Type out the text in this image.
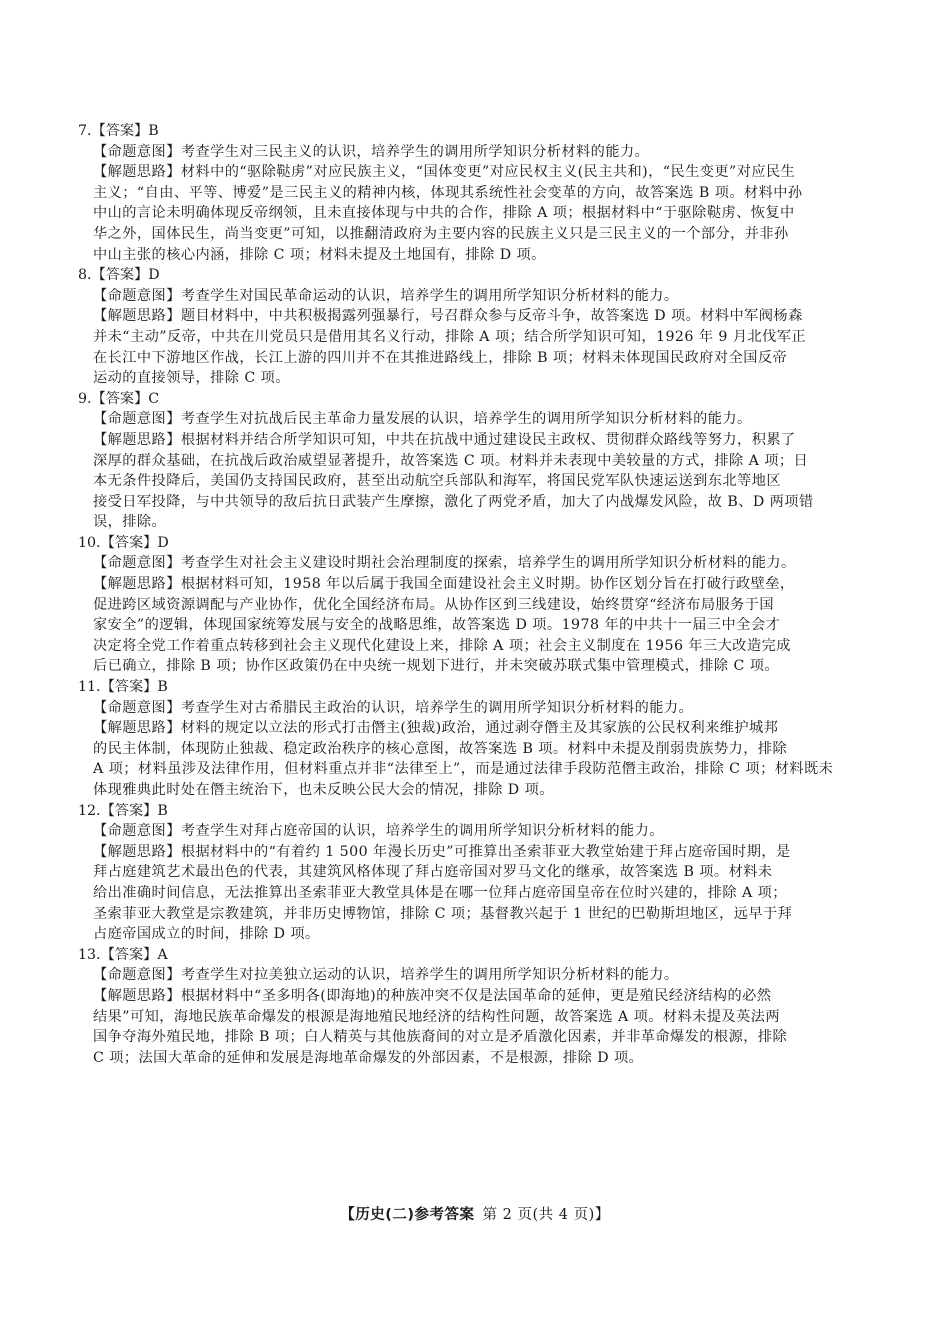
7.【答案】B
【命题意图】考查学生对三民主义的认识，培养学生的调用所学知识分析材料的能力。
【解题思路】材料中的“驱除鞑虏”对应民族主义，“国体变更”对应民权主义(民主共和)，“民生变更”对应民生
主义；“自由、平等、博爱”是三民主义的精神内核，体现其系统性社会变革的方向，故答案选 B 项。材料中孙
中山的言论未明确体现反帝纲领，且未直接体现与中共的合作，排除 A 项；根据材料中“于驱除鞑虏、恢复中
华之外，国体民生，尚当变更”可知，以推翻清政府为主要内容的民族主义只是三民主义的一个部分，并非孙
中山主张的核心内涵，排除 C 项；材料未提及土地国有，排除 D 项。
8.【答案】D
【命题意图】考查学生对国民革命运动的认识，培养学生的调用所学知识分析材料的能力。
【解题思路】题目材料中，中共积极揭露列强暴行，号召群众参与反帝斗争，故答案选 D 项。材料中军阀杨森
并未“主动”反帝，中共在川党员只是借用其名义行动，排除 A 项；结合所学知识可知，1926 年 9 月北伐军正
在长江中下游地区作战，长江上游的四川并不在其推进路线上，排除 B 项；材料未体现国民政府对全国反帝
运动的直接领导，排除 C 项。
9.【答案】C
【命题意图】考查学生对抗战后民主革命力量发展的认识，培养学生的调用所学知识分析材料的能力。
【解题思路】根据材料并结合所学知识可知，中共在抗战中通过建设民主政权、贯彻群众路线等努力，积累了
深厚的群众基础，在抗战后政治威望显著提升，故答案选 C 项。材料并未表现中美较量的方式，排除 A 项；日
本无条件投降后，美国仍支持国民政府，甚至出动航空兵部队和海军，将国民党军队快速运送到东北等地区
接受日军投降，与中共领导的敌后抗日武装产生摩擦，激化了两党矛盾，加大了内战爆发风险，故 B、D 两项错
误，排除。
10.【答案】D
【命题意图】考查学生对社会主义建设时期社会治理制度的探索，培养学生的调用所学知识分析材料的能力。
【解题思路】根据材料可知，1958 年以后属于我国全面建设社会主义时期。协作区划分旨在打破行政壁垒，
促进跨区域资源调配与产业协作，优化全国经济布局。从协作区到三线建设，始终贯穿“经济布局服务于国
家安全”的逻辑，体现国家统筹发展与安全的战略思维，故答案选 D 项。1978 年的中共十一届三中全会才
决定将全党工作着重点转移到社会主义现代化建设上来，排除 A 项；社会主义制度在 1956 年三大改造完成
后已确立，排除 B 项；协作区政策仍在中央统一规划下进行，并未突破苏联式集中管理模式，排除 C 项。
11.【答案】B
【命题意图】考查学生对古希腊民主政治的认识，培养学生的调用所学知识分析材料的能力。
【解题思路】材料的规定以立法的形式打击僭主(独裁)政治，通过剥夺僭主及其家族的公民权利来维护城邦
的民主体制，体现防止独裁、稳定政治秩序的核心意图，故答案选 B 项。材料中未提及削弱贵族势力，排除
A 项；材料虽涉及法律作用，但材料重点并非“法律至上”，而是通过法律手段防范僭主政治，排除 C 项；材料既未
体现雅典此时处在僭主统治下，也未反映公民大会的情况，排除 D 项。
12.【答案】B
【命题意图】考查学生对拜占庭帝国的认识，培养学生的调用所学知识分析材料的能力。
【解题思路】根据材料中的“有着约 1 500 年漫长历史”可推算出圣索菲亚大教堂始建于拜占庭帝国时期，是
拜占庭建筑艺术最出色的代表，其建筑风格体现了拜占庭帝国对罗马文化的继承，故答案选 B 项。材料未
给出准确时间信息，无法推算出圣索菲亚大教堂具体是在哪一位拜占庭帝国皇帝在位时兴建的，排除 A 项；
圣索菲亚大教堂是宗教建筑，并非历史博物馆，排除 C 项；基督教兴起于 1 世纪的巴勒斯坦地区，远早于拜
占庭帝国成立的时间，排除 D 项。
13.【答案】A
【命题意图】考查学生对拉美独立运动的认识，培养学生的调用所学知识分析材料的能力。
【解题思路】根据材料中“圣多明各(即海地)的种族冲突不仅是法国革命的延伸，更是殖民经济结构的必然
结果”可知，海地民族革命爆发的根源是海地殖民地经济的结构性问题，故答案选 A 项。材料未提及英法两
国争夺海外殖民地，排除 B 项；白人精英与其他族裔间的对立是矛盾激化因素，并非革命爆发的根源，排除
C 项；法国大革命的延伸和发展是海地革命爆发的外部因素，不是根源，排除 D 项。
【历史(二)参考答案 第 2 页(共 4 页)】
